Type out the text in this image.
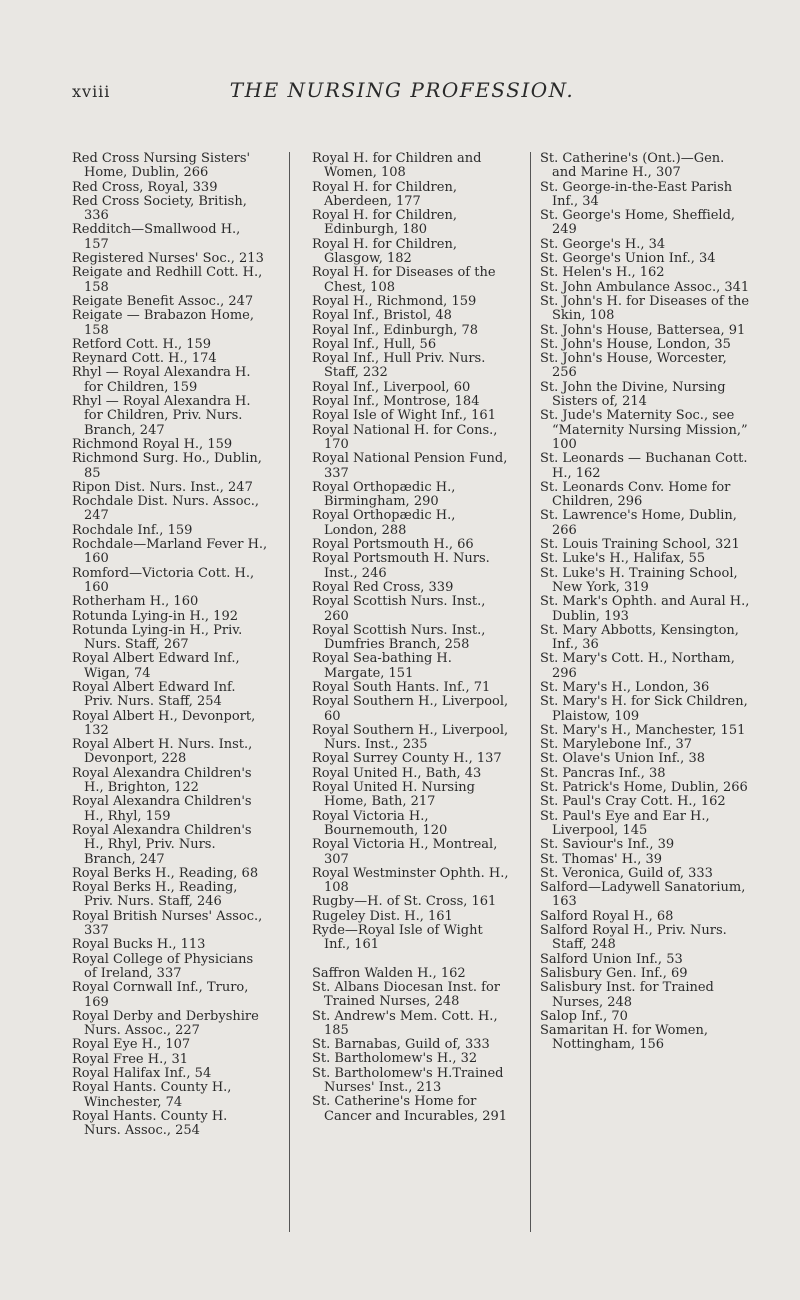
xviii	THE NURSING PROFESSION.
Red Cross Nursing Sisters' Home, Dublin, 266
Red Cross, Royal, 339
Red Cross Society, British, 336
Redditch—Smallwood H., 157
Registered Nurses' Soc., 213
Reigate and Redhill Cott. H., 158
Reigate Benefit Assoc., 247
Reigate — Brabazon Home, 158
Retford Cott. H., 159
Reynard Cott. H., 174
Rhyl — Royal Alexandra H. for Children, 159
Rhyl — Royal Alexandra H. for Children, Priv. Nurs. Branch, 247
Richmond Royal H., 159
Richmond Surg. Ho., Dublin, 85
Ripon Dist. Nurs. Inst., 247
Rochdale Dist. Nurs. Assoc., 247
Rochdale Inf., 159
Rochdale—Marland Fever H., 160
Romford—Victoria Cott. H., 160
Rotherham H., 160
Rotunda Lying-in H., 192
Rotunda Lying-in H., Priv. Nurs. Staff, 267
Royal Albert Edward Inf., Wigan, 74
Royal Albert Edward Inf. Priv. Nurs. Staff, 254
Royal Albert H., Devonport, 132
Royal Albert H. Nurs. Inst., Devonport, 228
Royal Alexandra Children's H., Brighton, 122
Royal Alexandra Children's H., Rhyl, 159
Royal Alexandra Children's H., Rhyl, Priv. Nurs. Branch, 247
Royal Berks H., Reading, 68
Royal Berks H., Reading, Priv. Nurs. Staff, 246
Royal British Nurses' Assoc., 337
Royal Bucks H., 113
Royal College of Physicians of Ireland, 337
Royal Cornwall Inf., Truro, 169
Royal Derby and Derbyshire Nurs. Assoc., 227
Royal Eye H., 107
Royal Free H., 31
Royal Halifax Inf., 54
Royal Hants. County H., Winchester, 74
Royal Hants. County H. Nurs. Assoc., 254
Royal H. for Children and Women, 108
Royal H. for Children, Aberdeen, 177
Royal H. for Children, Edinburgh, 180
Royal H. for Children, Glasgow, 182
Royal H. for Diseases of the Chest, 108
Royal H., Richmond, 159
Royal Inf., Bristol, 48
Royal Inf., Edinburgh, 78
Royal Inf., Hull, 56
Royal Inf., Hull Priv. Nurs. Staff, 232
Royal Inf., Liverpool, 60
Royal Inf., Montrose, 184
Royal Isle of Wight Inf., 161
Royal National H. for Cons., 170
Royal National Pension Fund, 337
Royal Orthopædic H., Birmingham, 290
Royal Orthopædic H., London, 288
Royal Portsmouth H., 66
Royal Portsmouth H. Nurs. Inst., 246
Royal Red Cross, 339
Royal Scottish Nurs. Inst., 260
Royal Scottish Nurs. Inst., Dumfries Branch, 258
Royal Sea-bathing H. Margate, 151
Royal South Hants. Inf., 71
Royal Southern H., Liverpool, 60
Royal Southern H., Liverpool, Nurs. Inst., 235
Royal Surrey County H., 137
Royal United H., Bath, 43
Royal United H. Nursing Home, Bath, 217
Royal Victoria H., Bournemouth, 120
Royal Victoria H., Montreal, 307
Royal Westminster Ophth. H., 108
Rugby—H. of St. Cross, 161
Rugeley Dist. H., 161
Ryde—Royal Isle of Wight Inf., 161
Saffron Walden H., 162
St. Albans Diocesan Inst. for Trained Nurses, 248
St. Andrew's Mem. Cott. H., 185
St. Barnabas, Guild of, 333
St. Bartholomew's H., 32
St. Bartholomew's H.Trained Nurses' Inst., 213
St. Catherine's Home for Cancer and Incurables, 291
St. Catherine's (Ont.)—Gen. and Marine H., 307
St. George-in-the-East Parish Inf., 34
St. George's Home, Sheffield, 249
St. George's H., 34
St. George's Union Inf., 34
St. Helen's H., 162
St. John Ambulance Assoc., 341
St. John's H. for Diseases of the Skin, 108
St. John's House, Battersea, 91
St. John's House, London, 35
St. John's House, Worcester, 256
St. John the Divine, Nursing Sisters of, 214
St. Jude's Maternity Soc., see “Maternity Nursing Mission,” 100
St. Leonards — Buchanan Cott. H., 162
St. Leonards Conv. Home for Children, 296
St. Lawrence's Home, Dublin, 266
St. Louis Training School, 321
St. Luke's H., Halifax, 55
St. Luke's H. Training School, New York, 319
St. Mark's Ophth. and Aural H., Dublin, 193
St. Mary Abbotts, Kensington, Inf., 36
St. Mary's Cott. H., Northam, 296
St. Mary's H., London, 36
St. Mary's H. for Sick Children, Plaistow, 109
St. Mary's H., Manchester, 151
St. Marylebone Inf., 37
St. Olave's Union Inf., 38
St. Pancras Inf., 38
St. Patrick's Home, Dublin, 266
St. Paul's Cray Cott. H., 162
St. Paul's Eye and Ear H., Liverpool, 145
St. Saviour's Inf., 39
St. Thomas' H., 39
St. Veronica, Guild of, 333
Salford—Ladywell Sanatorium, 163
Salford Royal H., 68
Salford Royal H., Priv. Nurs. Staff, 248
Salford Union Inf., 53
Salisbury Gen. Inf., 69
Salisbury Inst. for Trained Nurses, 248
Salop Inf., 70
Samaritan H. for Women, Nottingham, 156
